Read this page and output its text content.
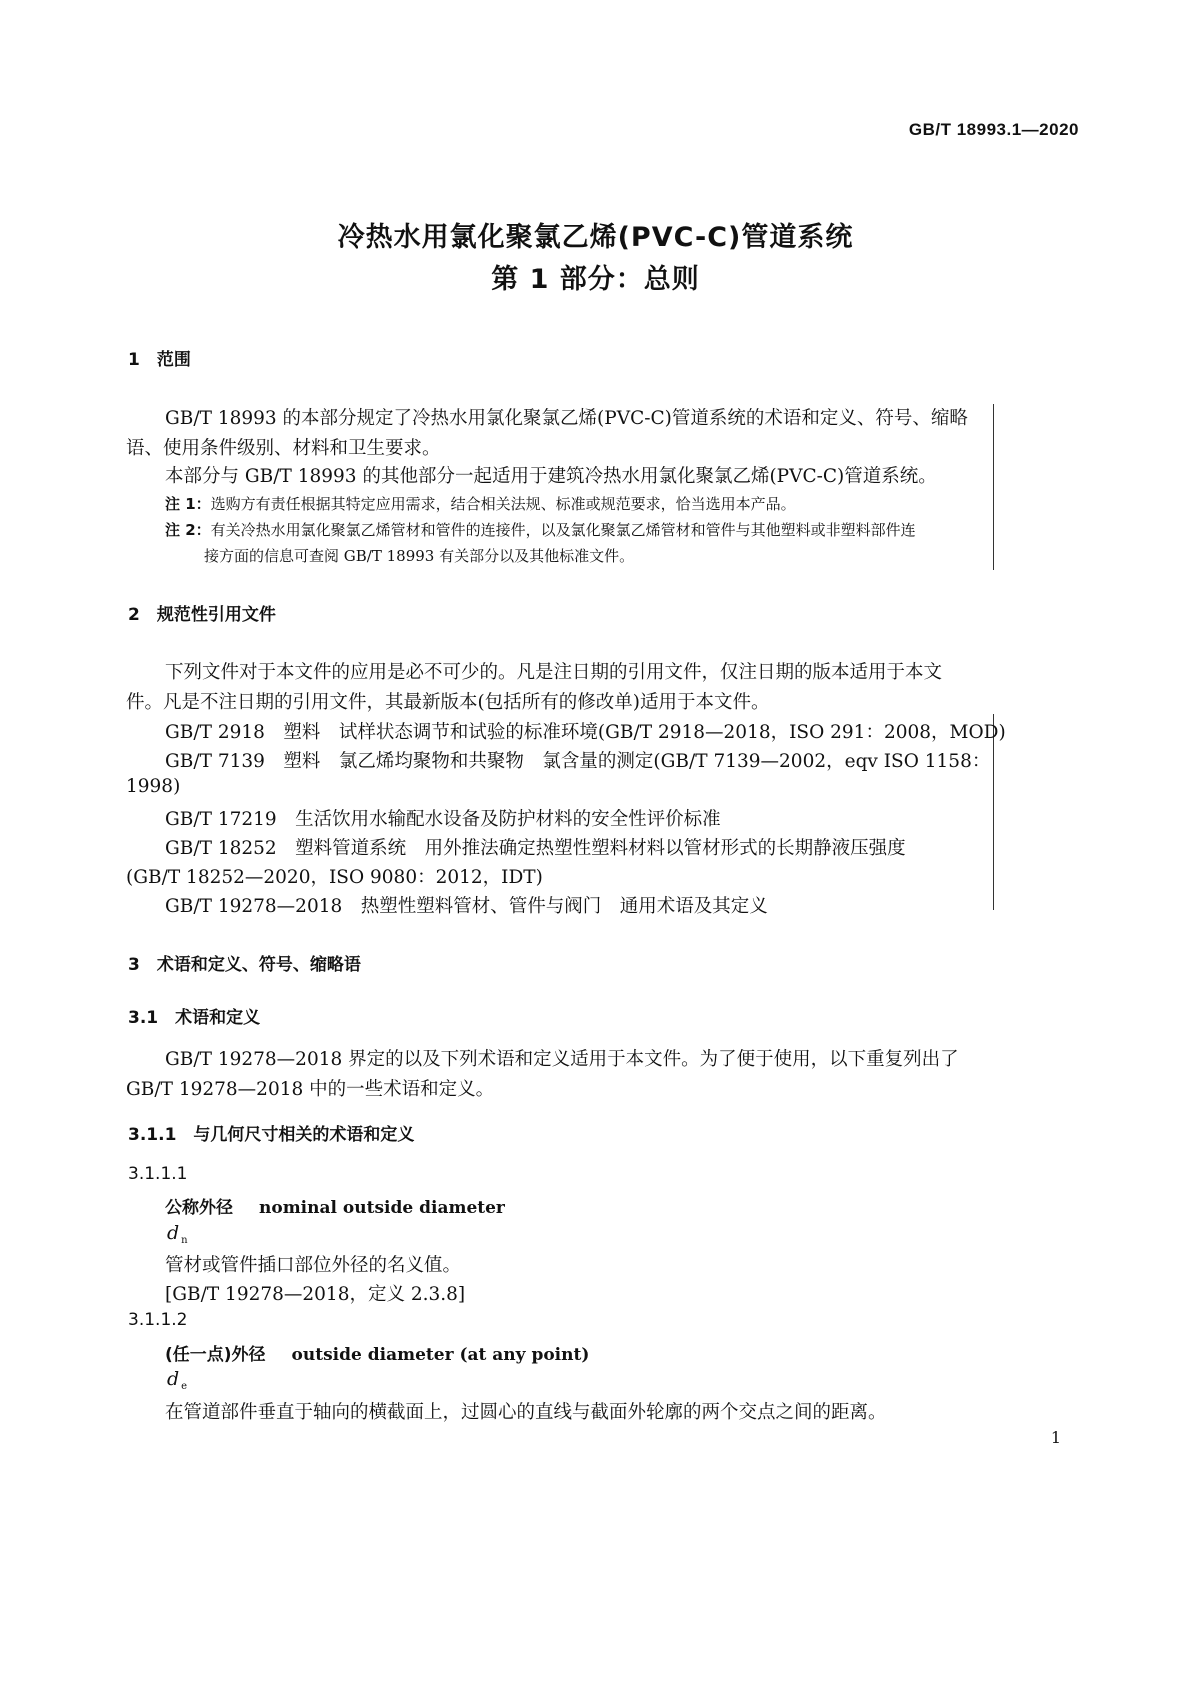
GB/T 18993.1—2020
冷热水用氯化聚氯乙烯(PVC-C)管道系统
第 1 部分：总则
1　范围
GB/T 18993 的本部分规定了冷热水用氯化聚氯乙烯(PVC-C)管道系统的术语和定义、符号、缩略
语、使用条件级别、材料和卫生要求。
本部分与 GB/T 18993 的其他部分一起适用于建筑冷热水用氯化聚氯乙烯(PVC-C)管道系统。
注 1：选购方有责任根据其特定应用需求，结合相关法规、标准或规范要求，恰当选用本产品。
注 2：有关冷热水用氯化聚氯乙烯管材和管件的连接件，以及氯化聚氯乙烯管材和管件与其他塑料或非塑料部件连
接方面的信息可查阅 GB/T 18993 有关部分以及其他标准文件。
2　规范性引用文件
下列文件对于本文件的应用是必不可少的。凡是注日期的引用文件，仅注日期的版本适用于本文
件。凡是不注日期的引用文件，其最新版本(包括所有的修改单)适用于本文件。
GB/T 2918　塑料　试样状态调节和试验的标准环境(GB/T 2918—2018，ISO 291：2008，MOD)
GB/T 7139　塑料　氯乙烯均聚物和共聚物　氯含量的测定(GB/T 7139—2002，eqv ISO 1158：
1998)
GB/T 17219　生活饮用水输配水设备及防护材料的安全性评价标准
GB/T 18252　塑料管道系统　用外推法确定热塑性塑料材料以管材形式的长期静液压强度
(GB/T 18252—2020，ISO 9080：2012，IDT)
GB/T 19278—2018　热塑性塑料管材、管件与阀门　通用术语及其定义
3　术语和定义、符号、缩略语
3.1　术语和定义
GB/T 19278—2018 界定的以及下列术语和定义适用于本文件。为了便于使用，以下重复列出了
GB/T 19278—2018 中的一些术语和定义。
3.1.1　与几何尺寸相关的术语和定义
3.1.1.1
公称外径 nominal outside diameter
d $_n$
管材或管件插口部位外径的名义值。
[GB/T 19278—2018，定义 2.3.8]
3.1.1.2
(任一点)外径 outside diameter (at any point)
d $_e$
在管道部件垂直于轴向的横截面上，过圆心的直线与截面外轮廓的两个交点之间的距离。
1
